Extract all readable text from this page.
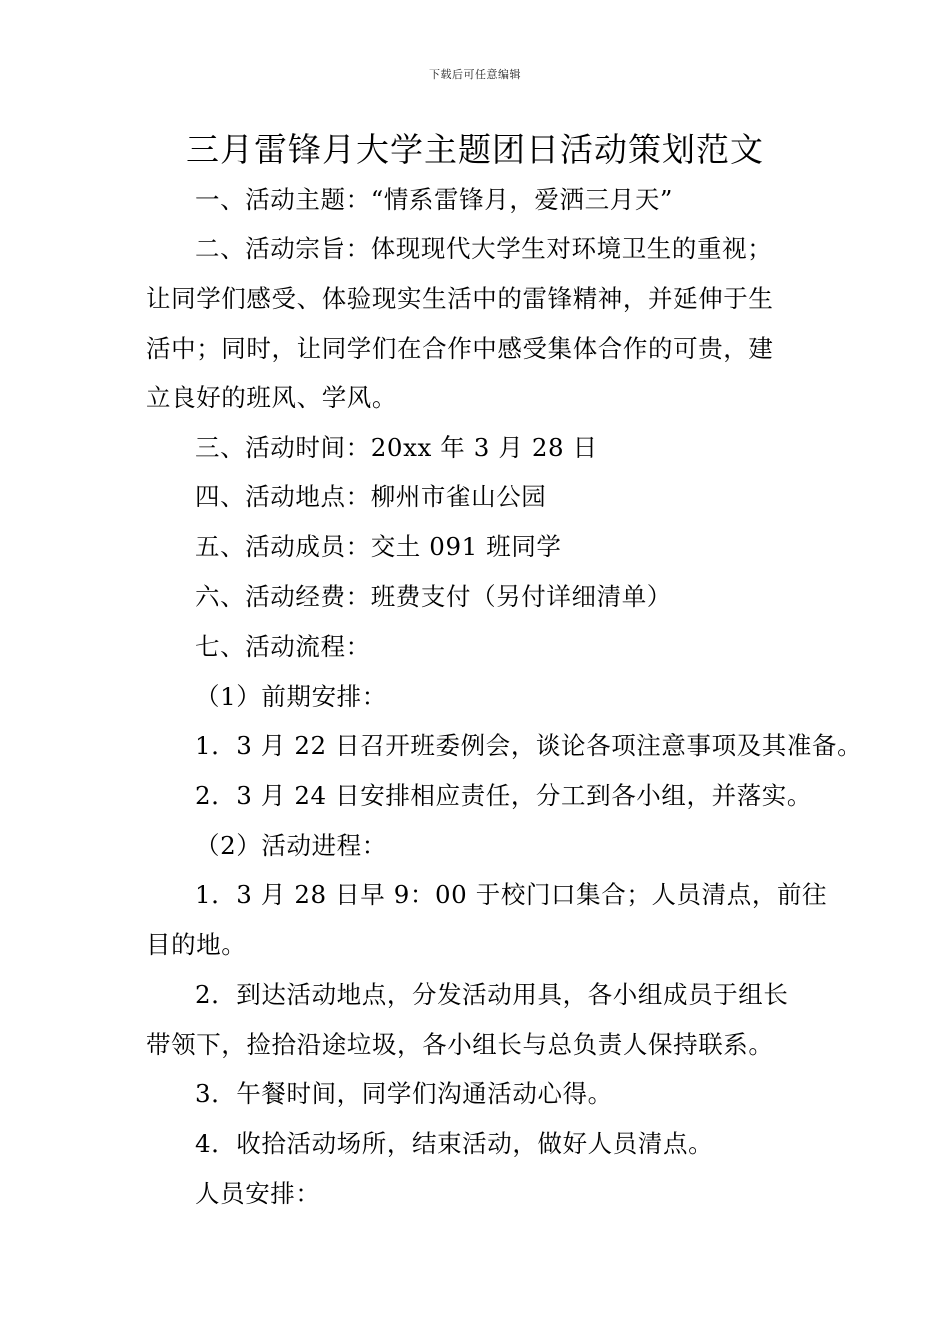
下载后可任意编辑
三月雷锋月大学主题团日活动策划范文
一、活动主题：“情系雷锋月，爱洒三月天”
二、活动宗旨：体现现代大学生对环境卫生的重视；
让同学们感受、体验现实生活中的雷锋精神，并延伸于生
活中；同时，让同学们在合作中感受集体合作的可贵，建
立良好的班风、学风。
三、活动时间：20xx 年 3 月 28 日
四、活动地点：柳州市雀山公园
五、活动成员：交土 091 班同学
六、活动经费：班费支付（另付详细清单）
七、活动流程：
（1）前期安排：
1．3 月 22 日召开班委例会，谈论各项注意事项及其准备。
2．3 月 24 日安排相应责任，分工到各小组，并落实。
（2）活动进程：
1．3 月 28 日早 9：00 于校门口集合；人员清点，前往
目的地。
2．到达活动地点，分发活动用具，各小组成员于组长
带领下，捡拾沿途垃圾，各小组长与总负责人保持联系。
3．午餐时间，同学们沟通活动心得。
4．收拾活动场所，结束活动，做好人员清点。
人员安排：
